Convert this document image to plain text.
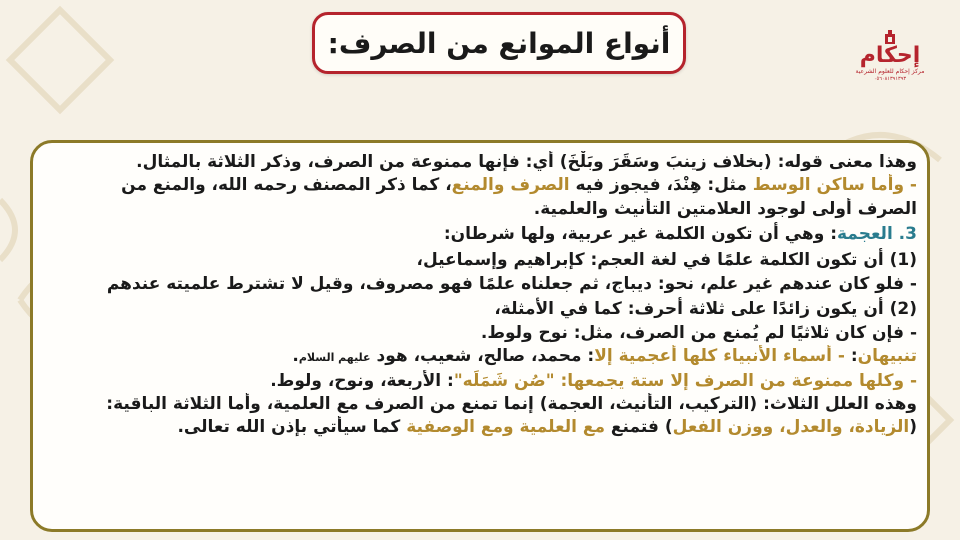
أنواع الموانع من الصرف:	إحكام
مركز إحكام للعلوم الشرعية
٠٥٦٠٨١٣٩١٣٩٣
وهذا معنى قوله: (بخلاف زينبَ وسَقَرَ وبَلْخَ) أي: فإنها ممنوعة من الصرف، وذكر الثلاثة بالمثال.
- وأما ساكن الوسط مثل: هِنْدَ، فيجوز فيه الصرف والمنع، كما ذكر المصنف رحمه الله، والمنع من
الصرف أولى لوجود العلامتين التأنيث والعلمية.
3. العجمة: وهي أن تكون الكلمة غير عربية، ولها شرطان:
(1) أن تكون الكلمة علمًا في لغة العجم: كإبراهيم وإسماعيل،
- فلو كان عندهم غير علم، نحو: ديباج، ثم جعلناه علمًا فهو مصروف، وقيل لا تشترط علميته عندهم
(2) أن يكون زائدًا على ثلاثة أحرف: كما في الأمثلة،
- فإن كان ثلاثيًا لم يُمنع من الصرف، مثل: نوح ولوط.
تنبيهان: - أسماء الأنبياء كلها أعجمية إلا: محمد، صالح، شعيب، هود عليهم السلام.
- وكلها ممنوعة من الصرف إلا ستة يجمعها: "صُن شَمَلَه": الأربعة، ونوح، ولوط.
وهذه العلل الثلاث: (التركيب، التأنيث، العجمة) إنما تمنع من الصرف مع العلمية، وأما الثلاثة الباقية:
(الزيادة، والعدل، ووزن الفعل) فتمنع مع العلمية ومع الوصفية كما سيأتي بإذن الله تعالى.
